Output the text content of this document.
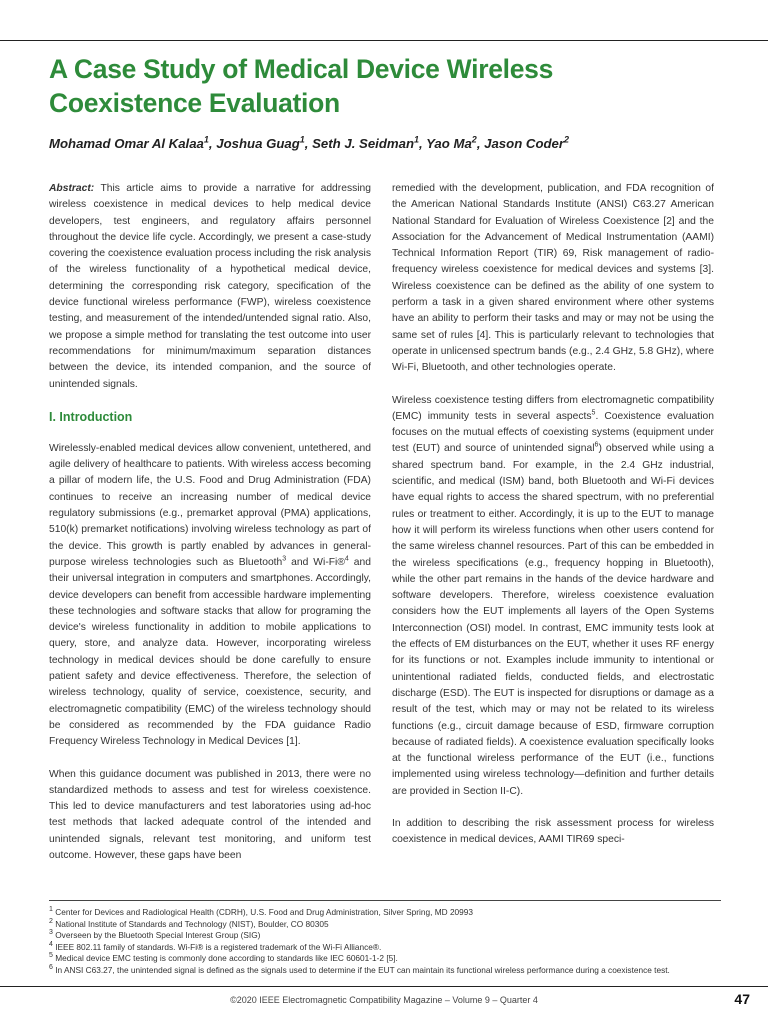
A Case Study of Medical Device Wireless
Coexistence Evaluation
Mohamad Omar Al Kalaa$^1$, Joshua Guag$^1$, Seth J. Seidman$^1$, Yao Ma$^2$, Jason Coder$^2$

Abstract: This article aims to provide a narrative for addressing wireless coexistence in medical devices to help medical device developers, test engineers, and regulatory affairs personnel throughout the device life cycle. Accordingly, we present a case-study covering the coexistence evaluation process including the risk analysis of the wireless functionality of a hypothetical medical device, determining the corresponding risk category, specification of the device functional wireless performance (FWP), wireless coexistence testing, and measurement of the intended/untended signal ratio. Also, we propose a simple method for translating the test outcome into user recommendations for minimum/maximum separation distances between the device, its intended companion, and the source of unintended signals.

I. Introduction

Wirelessly-enabled medical devices allow convenient, untethered, and agile delivery of healthcare to patients. With wireless access becoming a pillar of modern life, the U.S. Food and Drug Administration (FDA) continues to receive an increasing number of medical device regulatory submissions (e.g., premarket approval (PMA) applications, 510(k) premarket notifications) involving wireless technology as part of the device. This growth is partly enabled by advances in general-purpose wireless technologies such as Bluetooth$^3$ and Wi-Fi®$^4$ and their universal integration in computers and smartphones. Accordingly, device developers can benefit from accessible hardware implementing these technologies and software stacks that allow for programing the device's wireless functionality in addition to mobile applications to query, store, and analyze data. However, incorporating wireless technology in medical devices should be done carefully to ensure patient safety and device effectiveness. Therefore, the selection of wireless technology, quality of service, coexistence, security, and electromagnetic compatibility (EMC) of the wireless technology should be considered as recommended by the FDA guidance Radio Frequency Wireless Technology in Medical Devices [1].

When this guidance document was published in 2013, there were no standardized methods to assess and test for wireless coexistence. This led to device manufacturers and test laboratories using ad-hoc test methods that lacked adequate control of the intended and unintended signals, relevant test monitoring, and uniform test outcome. However, these gaps have been

remedied with the development, publication, and FDA recognition of the American National Standards Institute (ANSI) C63.27 American National Standard for Evaluation of Wireless Coexistence [2] and the Association for the Advancement of Medical Instrumentation (AAMI) Technical Information Report (TIR) 69, Risk management of radio-frequency wireless coexistence for medical devices and systems [3]. Wireless coexistence can be defined as the ability of one system to perform a task in a given shared environment where other systems have an ability to perform their tasks and may or may not be using the same set of rules [4]. This is particularly relevant to technologies that operate in unlicensed spectrum bands (e.g., 2.4 GHz, 5.8 GHz), where Wi-Fi, Bluetooth, and other technologies operate.

Wireless coexistence testing differs from electromagnetic compatibility (EMC) immunity tests in several aspects$^5$. Coexistence evaluation focuses on the mutual effects of coexisting systems (equipment under test (EUT) and source of unintended signal$^6$) observed while using a shared spectrum band. For example, in the 2.4 GHz industrial, scientific, and medical (ISM) band, both Bluetooth and Wi-Fi devices have equal rights to access the shared spectrum, with no preferential rules or treatment to either. Accordingly, it is up to the EUT to manage how it will perform its wireless functions when other users contend for the same wireless channel resources. Part of this can be embedded in the wireless specifications (e.g., frequency hopping in Bluetooth), while the other part remains in the hands of the device hardware and software developers. Therefore, wireless coexistence evaluation considers how the EUT implements all layers of the Open Systems Interconnection (OSI) model. In contrast, EMC immunity tests look at the effects of EM disturbances on the EUT, whether it uses RF energy for its functions or not. Examples include immunity to intentional or unintentional radiated fields, conducted fields, and electrostatic discharge (ESD). The EUT is inspected for disruptions or damage as a result of the test, which may or may not be related to its wireless functions (e.g., circuit damage because of ESD, firmware corruption because of radiated fields). A coexistence evaluation specifically looks at the functional wireless performance of the EUT (i.e., functions implemented using wireless technology—definition and further details are provided in Section II-C).

In addition to describing the risk assessment process for wireless coexistence in medical devices, AAMI TIR69 speci-

$^1$ Center for Devices and Radiological Health (CDRH), U.S. Food and Drug Administration, Silver Spring, MD 20993
$^2$ National Institute of Standards and Technology (NIST), Boulder, CO 80305
$^3$ Overseen by the Bluetooth Special Interest Group (SIG)
$^4$ IEEE 802.11 family of standards. Wi-Fi® is a registered trademark of the Wi-Fi Alliance®.
$^5$ Medical device EMC testing is commonly done according to standards like IEC 60601-1-2 [5].
$^6$ In ANSI C63.27, the unintended signal is defined as the signals used to determine if the EUT can maintain its functional wireless performance during a coexistence test.
©2020 IEEE Electromagnetic Compatibility Magazine – Volume 9 – Quarter 4	47
